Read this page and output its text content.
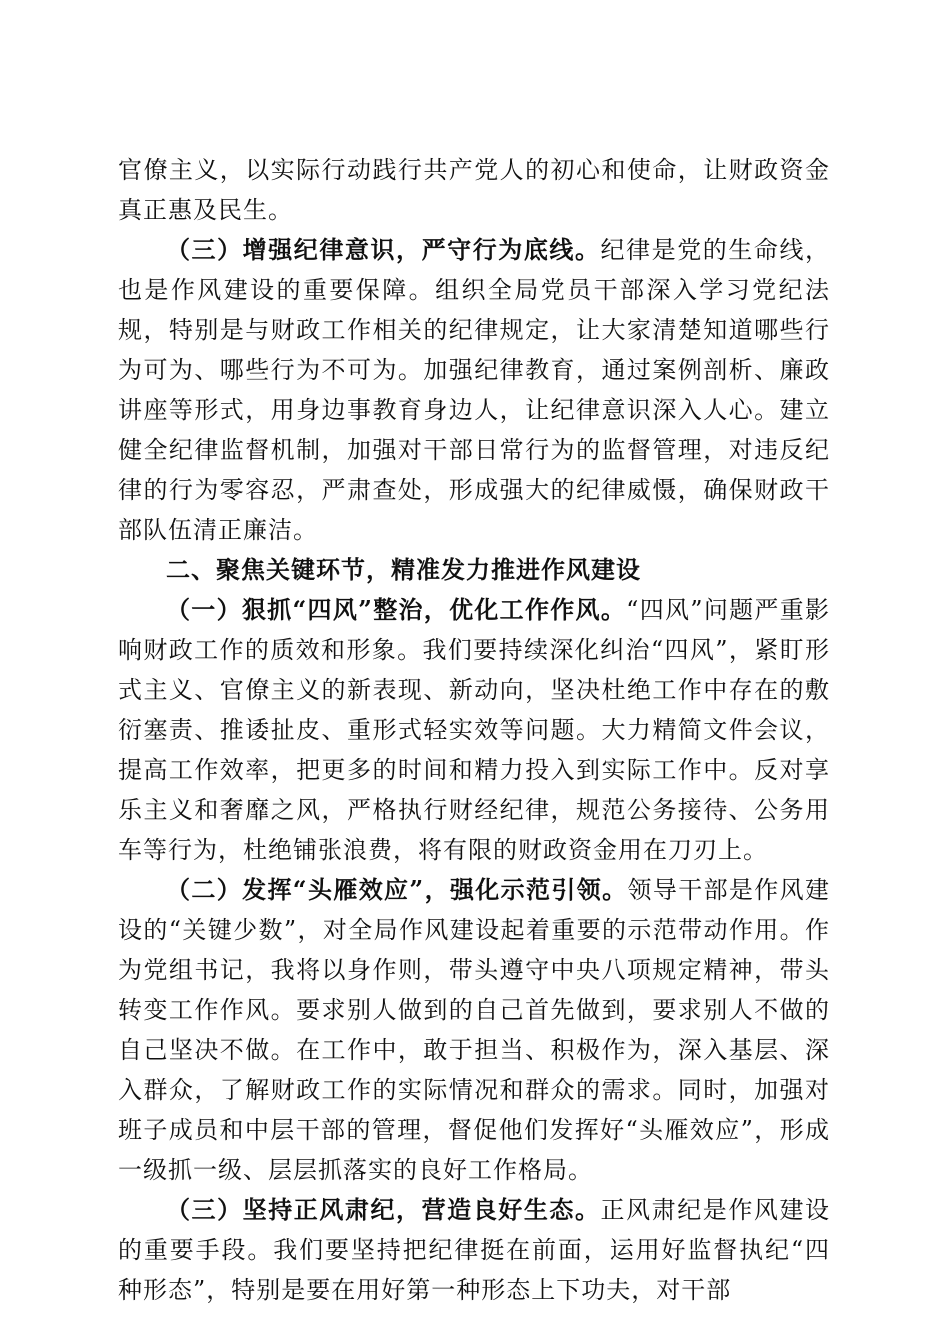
官僚主义，以实际行动践行共产党人的初心和使命，让财政资金真正惠及民生。

（三）增强纪律意识，严守行为底线。纪律是党的生命线，也是作风建设的重要保障。组织全局党员干部深入学习党纪法规，特别是与财政工作相关的纪律规定，让大家清楚知道哪些行为可为、哪些行为不可为。加强纪律教育，通过案例剖析、廉政讲座等形式，用身边事教育身边人，让纪律意识深入人心。建立健全纪律监督机制，加强对干部日常行为的监督管理，对违反纪律的行为零容忍，严肃查处，形成强大的纪律威慑，确保财政干部队伍清正廉洁。

二、聚焦关键环节，精准发力推进作风建设

（一）狠抓“四风”整治，优化工作作风。“四风”问题严重影响财政工作的质效和形象。我们要持续深化纠治“四风”，紧盯形式主义、官僚主义的新表现、新动向，坚决杜绝工作中存在的敷衍塞责、推诿扯皮、重形式轻实效等问题。大力精简文件会议，提高工作效率，把更多的时间和精力投入到实际工作中。反对享乐主义和奢靡之风，严格执行财经纪律，规范公务接待、公务用车等行为，杜绝铺张浪费，将有限的财政资金用在刀刃上。

（二）发挥“头雁效应”，强化示范引领。领导干部是作风建设的“关键少数”，对全局作风建设起着重要的示范带动作用。作为党组书记，我将以身作则，带头遵守中央八项规定精神，带头转变工作作风。要求别人做到的自己首先做到，要求别人不做的自己坚决不做。在工作中，敢于担当、积极作为，深入基层、深入群众，了解财政工作的实际情况和群众的需求。同时，加强对班子成员和中层干部的管理，督促他们发挥好“头雁效应”，形成一级抓一级、层层抓落实的良好工作格局。

（三）坚持正风肃纪，营造良好生态。正风肃纪是作风建设的重要手段。我们要坚持把纪律挺在前面，运用好监督执纪“四种形态”，特别是要在用好第一种形态上下功夫，对干部
